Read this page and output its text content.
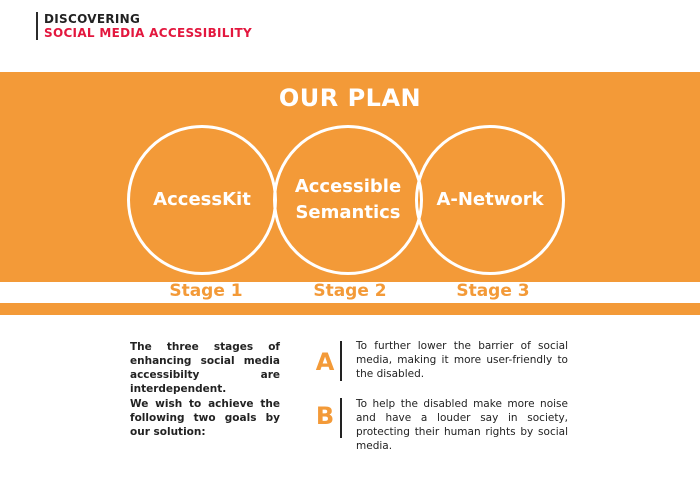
DISCOVERING
SOCIAL MEDIA ACCESSIBILITY
OUR PLAN
AccessKit
Accessible Semantics
A-Network
Stage 1	Stage 2	Stage 3
The three stages of enhancing social media accessibilty are interdependent.
We wish to achieve the following two goals by our solution:
A
To further lower the barrier of social media, making it more user-friendly to the disabled.
B To help the disabled make more noise and have a louder say in society, protecting their human rights by social media.
